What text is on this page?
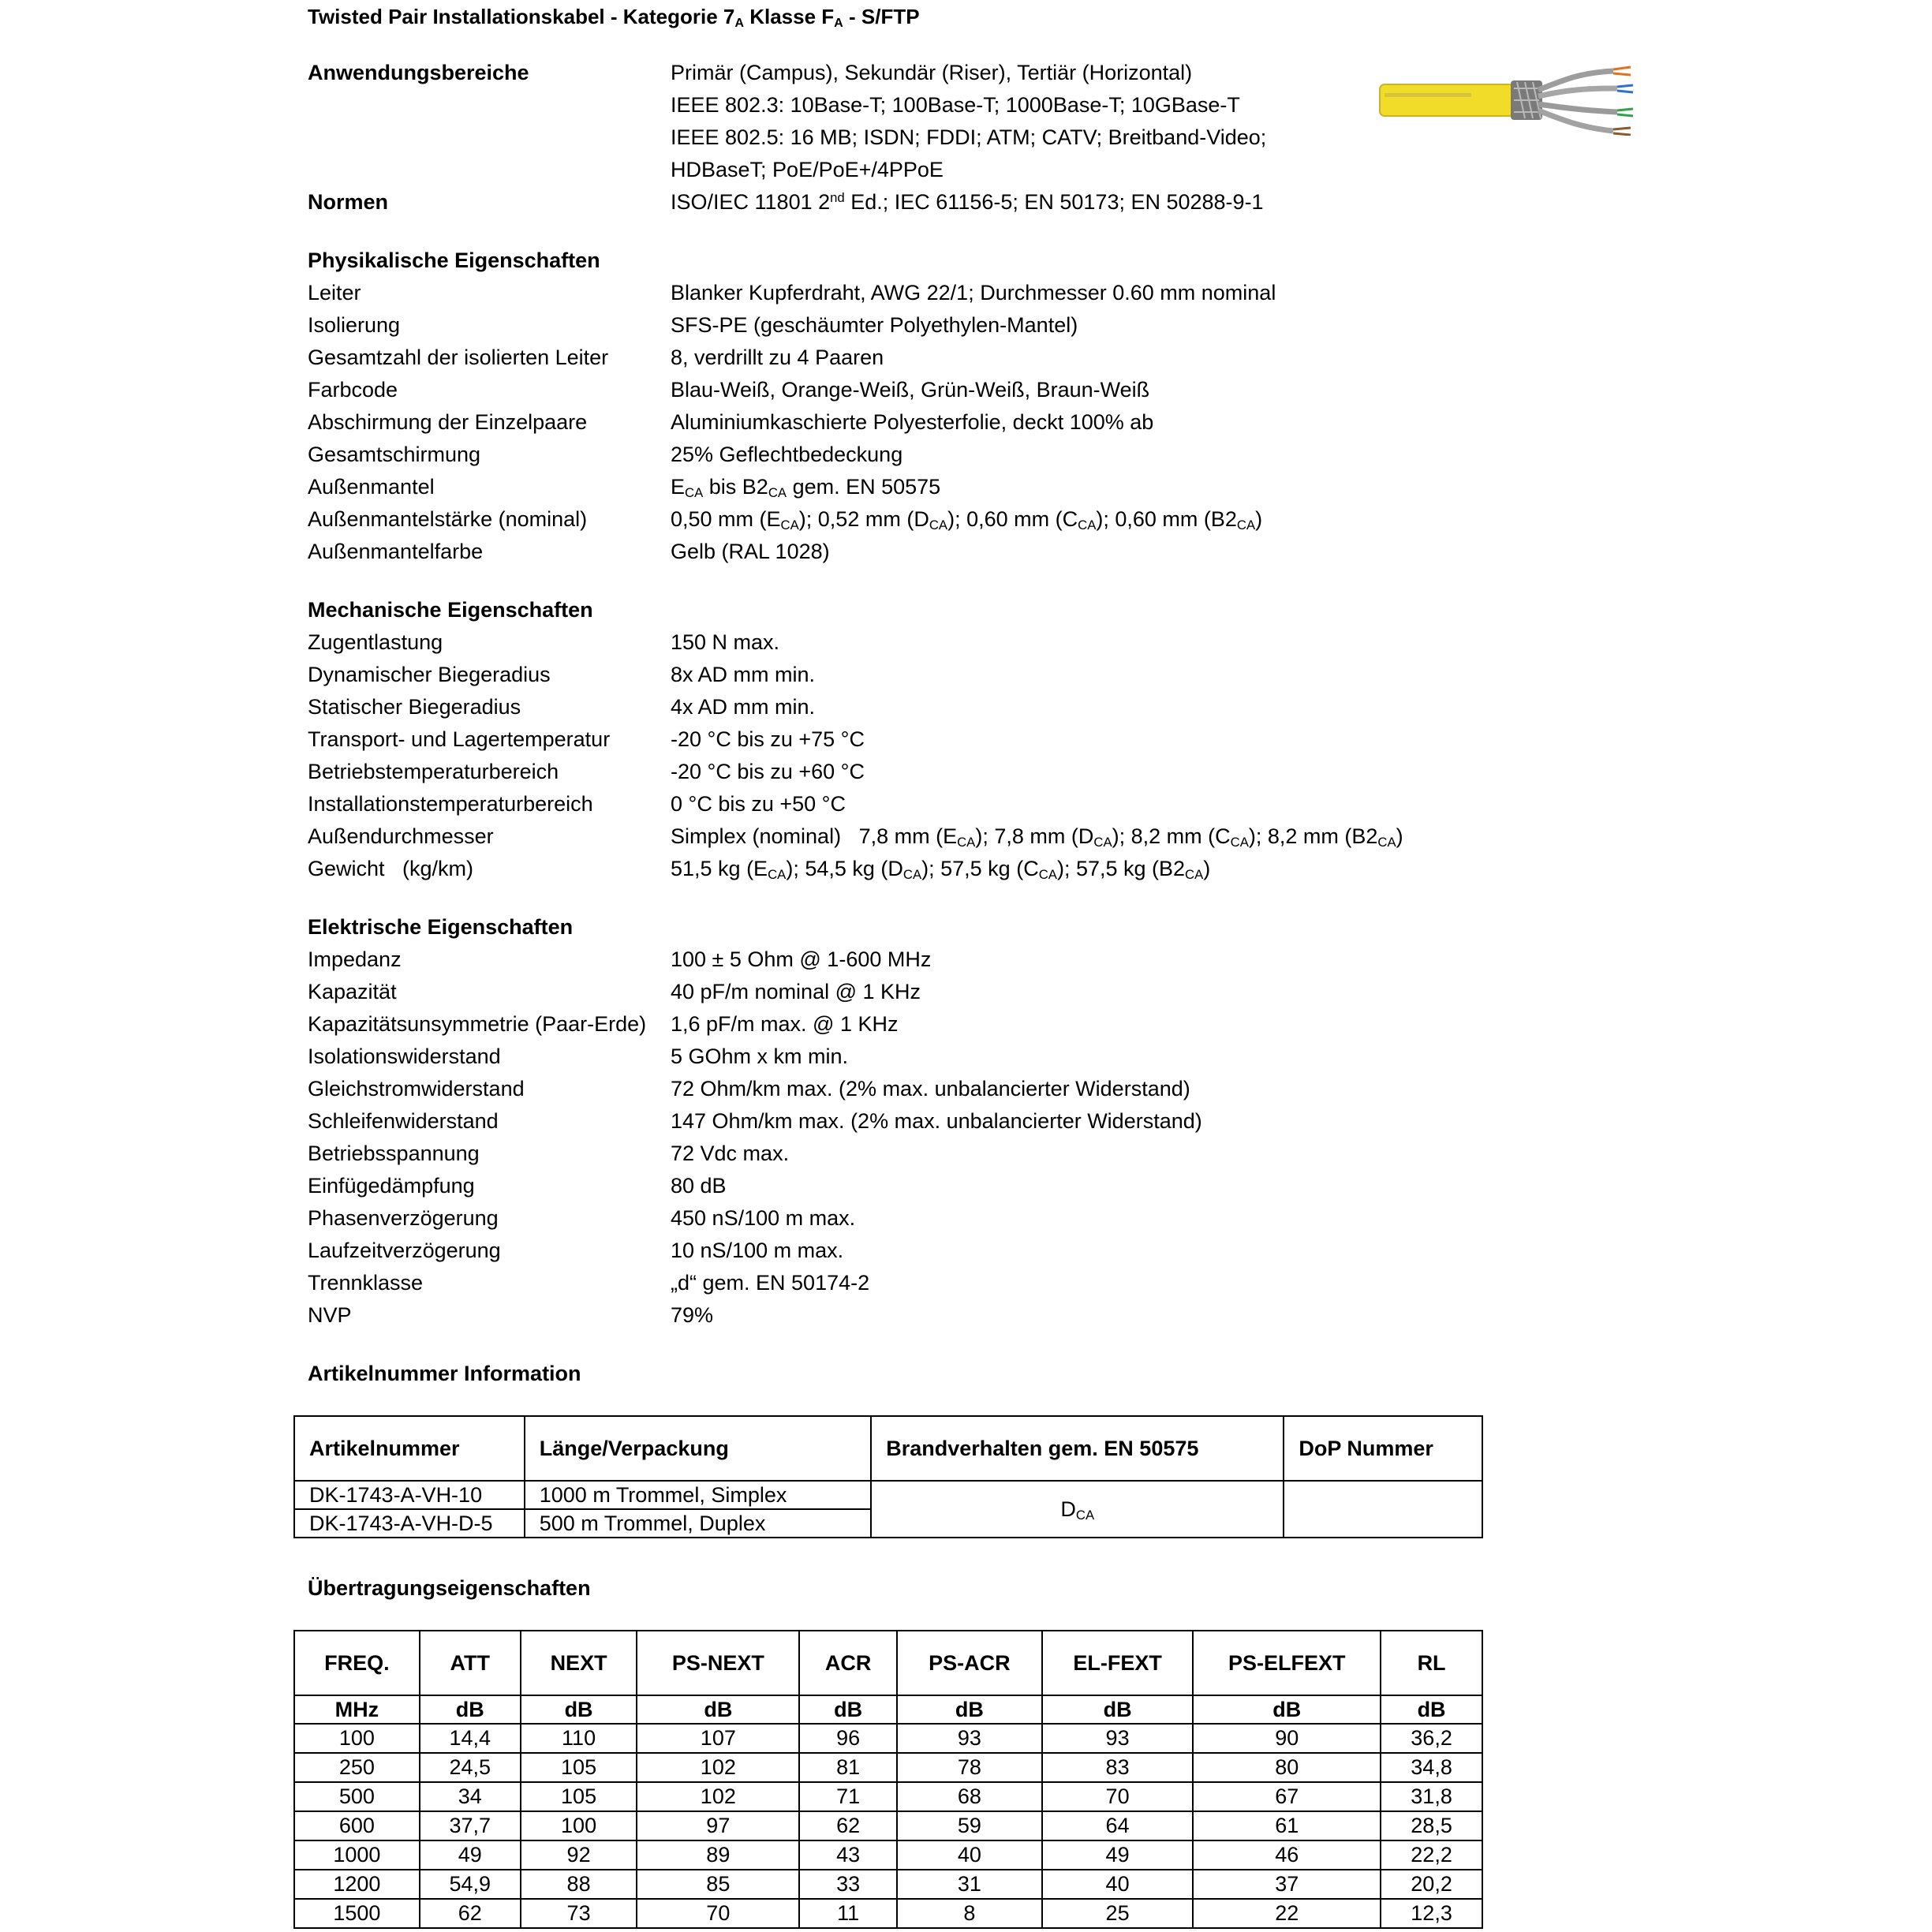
Twisted Pair Installationskabel - Kategorie $7_A$ Klasse $F_A - S/FTP$
Anwendungsbereiche	Primär (Campus), Sekundär (Riser), Tertiär (Horizontal)
IEEE 802.3: 10Base-T; 100Base-T; 1000Base-T; 10GBase-T
IEEE 802.5: 16 MB; ISDN; FDDI; ATM; CATV; Breitband-Video;
HDBaseT; PoE/PoE+/4PPoE
Normen	ISO/IEC 11801 2nd Ed.; IEC 61156-5; EN 50173; EN 50288-9-1
Physikalische Eigenschaften
Leiter	Blanker Kupferdraht, AWG 22/1; Durchmesser 0.60 mm nominal
Isolierung	SFS-PE (geschäumter Polyethylen-Mantel)
Gesamtzahl der isolierten Leiter	8, verdrillt zu 4 Paaren
Farbcode	Blau-Weiß, Orange-Weiß, Grün-Weiß, Braun-Weiß
Abschirmung der Einzelpaare	Aluminiumkaschierte Polyesterfolie, deckt 100% ab
Gesamtschirmung	25% Geflechtbedeckung
Außenmantel	$E_{CA}$ bis $B2_{CA}$ gem. EN 50575
Außenmantelstärke (nominal)	0,50 mm $(E_{CA})$; 0,52 mm $(D_{CA})$; 0,60 mm $(C_{CA})$; 0,60 mm $(B2_{CA})$
Außenmantelfarbe	Gelb (RAL 1028)
Mechanische Eigenschaften
Zugentlastung	150 N max.
Dynamischer Biegeradius	8x AD mm min.
Statischer Biegeradius	4x AD mm min.
Transport- und Lagertemperatur	-20 °C bis zu +75 °C
Betriebstemperaturbereich	-20 °C bis zu +60 °C
Installationstemperaturbereich	0 °C bis zu +50 °C
Außendurchmesser	Simplex (nominal)   7,8 mm $(E_{CA})$; 7,8 mm $(D_{CA})$; 8,2 mm $(C_{CA})$; 8,2 mm $(B2_{CA})$
Gewicht   (kg/km)	51,5 kg $(E_{CA})$; 54,5 kg $(D_{CA})$; 57,5 kg $(C_{CA})$; 57,5 kg $(B2_{CA})$
Elektrische Eigenschaften
Impedanz	100 ± 5 Ohm @ 1-600 MHz
Kapazität	40 pF/m nominal @ 1 KHz
Kapazitätsunsymmetrie (Paar-Erde) 1,6 pF/m max. @ 1 KHz
Isolationswiderstand	5 GOhm x km min.
Gleichstromwiderstand	72 Ohm/km max. (2% max. unbalancierter Widerstand)
Schleifenwiderstand	147 Ohm/km max. (2% max. unbalancierter Widerstand)
Betriebsspannung	72 Vdc max.
Einfügedämpfung	80 dB
Phasenverzögerung	450 nS/100 m max.
Laufzeitverzögerung	10 nS/100 m max.
Trennklasse	„d“ gem. EN 50174-2
NVP	79%
Artikelnummer Information
Artikelnummer	Länge/Verpackung	Brandverhalten gem. EN 50575	DoP Nummer
DK-1743-A-VH-10	1000 m Trommel, Simplex	$D_{CA}$	
DK-1743-A-VH-D-5	500 m Trommel, Duplex		
Übertragungseigenschaften
FREQ.	ATT	NEXT	PS-NEXT	ACR	PS-ACR	EL-FEXT	PS-ELFEXT	RL
MHz	dB	dB	dB	dB	dB	dB	dB	dB
100	14,4	110	107	96	93	93	90	36,2
250	24,5	105	102	81	78	83	80	34,8
500	34	105	102	71	68	70	67	31,8
600	37,7	100	97	62	59	64	61	28,5
1000	49	92	89	43	40	49	46	22,2
1200	54,9	88	85	33	31	40	37	20,2
1500	62	73	70	11	8	25	22	12,3
